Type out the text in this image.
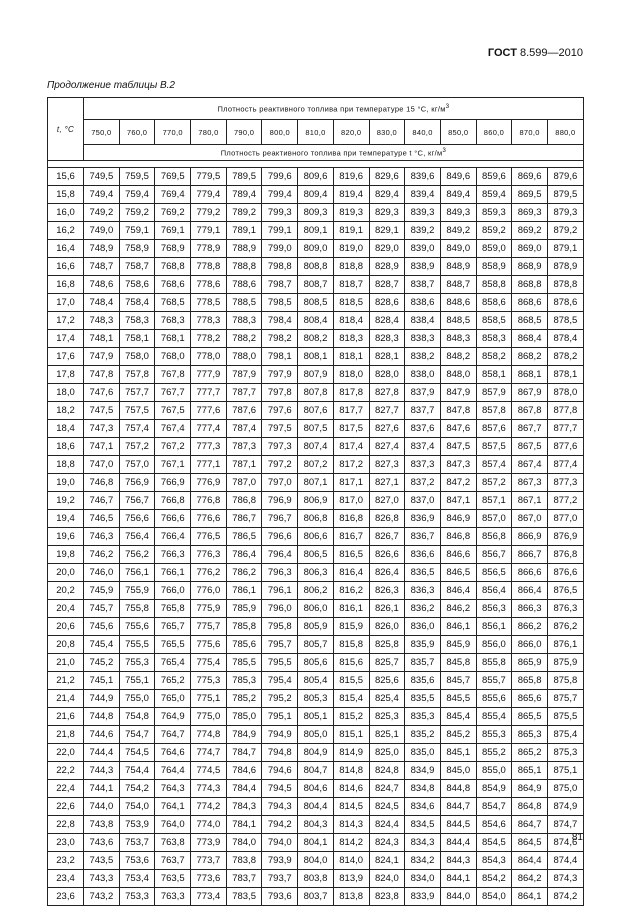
ГОСТ 8.599—2010
Продолжение таблицы В.2
t, °С	Плотность реактивного топлива при температуре 15 °С, $кг/м^3$
	750,0	760,0	770,0	780,0	790,0	800,0	810,0	820,0	830,0	840,0	850,0	860,0	870,0	880,0
	Плотность реактивного топлива при температуре t °С, $кг/м^3$

15,6	749,5	759,5	769,5	779,5	789,5	799,6	809,6	819,6	829,6	839,6	849,6	859,6	869,6	879,6
15,8	749,4	759,4	769,4	779,4	789,4	799,4	809,4	819,4	829,4	839,4	849,4	859,4	869,5	879,5
16,0	749,2	759,2	769,2	779,2	789,2	799,3	809,3	819,3	829,3	839,3	849,3	859,3	869,3	879,3
16,2	749,0	759,1	769,1	779,1	789,1	799,1	809,1	819,1	829,1	839,2	849,2	859,2	869,2	879,2
16,4	748,9	758,9	768,9	778,9	788,9	799,0	809,0	819,0	829,0	839,0	849,0	859,0	869,0	879,1
16,6	748,7	758,7	768,8	778,8	788,8	798,8	808,8	818,8	828,9	838,9	848,9	858,9	868,9	878,9
16,8	748,6	758,6	768,6	778,6	788,6	798,7	808,7	818,7	828,7	838,7	848,7	858,8	868,8	878,8
17,0	748,4	758,4	768,5	778,5	788,5	798,5	808,5	818,5	828,6	838,6	848,6	858,6	868,6	878,6
17,2	748,3	758,3	768,3	778,3	788,3	798,4	808,4	818,4	828,4	838,4	848,5	858,5	868,5	878,5
17,4	748,1	758,1	768,1	778,2	788,2	798,2	808,2	818,3	828,3	838,3	848,3	858,3	868,4	878,4
17,6	747,9	758,0	768,0	778,0	788,0	798,1	808,1	818,1	828,1	838,2	848,2	858,2	868,2	878,2
17,8	747,8	757,8	767,8	777,9	787,9	797,9	807,9	818,0	828,0	838,0	848,0	858,1	868,1	878,1
18,0	747,6	757,7	767,7	777,7	787,7	797,8	807,8	817,8	827,8	837,9	847,9	857,9	867,9	878,0
18,2	747,5	757,5	767,5	777,6	787,6	797,6	807,6	817,7	827,7	837,7	847,8	857,8	867,8	877,8
18,4	747,3	757,4	767,4	777,4	787,4	797,5	807,5	817,5	827,6	837,6	847,6	857,6	867,7	877,7
18,6	747,1	757,2	767,2	777,3	787,3	797,3	807,4	817,4	827,4	837,4	847,5	857,5	867,5	877,6
18,8	747,0	757,0	767,1	777,1	787,1	797,2	807,2	817,2	827,3	837,3	847,3	857,4	867,4	877,4
19,0	746,8	756,9	766,9	776,9	787,0	797,0	807,1	817,1	827,1	837,2	847,2	857,2	867,3	877,3
19,2	746,7	756,7	766,8	776,8	786,8	796,9	806,9	817,0	827,0	837,0	847,1	857,1	867,1	877,2
19,4	746,5	756,6	766,6	776,6	786,7	796,7	806,8	816,8	826,8	836,9	846,9	857,0	867,0	877,0
19,6	746,3	756,4	766,4	776,5	786,5	796,6	806,6	816,7	826,7	836,7	846,8	856,8	866,9	876,9
19,8	746,2	756,2	766,3	776,3	786,4	796,4	806,5	816,5	826,6	836,6	846,6	856,7	866,7	876,8
20,0	746,0	756,1	766,1	776,2	786,2	796,3	806,3	816,4	826,4	836,5	846,5	856,5	866,6	876,6
20,2	745,9	755,9	766,0	776,0	786,1	796,1	806,2	816,2	826,3	836,3	846,4	856,4	866,4	876,5
20,4	745,7	755,8	765,8	775,9	785,9	796,0	806,0	816,1	826,1	836,2	846,2	856,3	866,3	876,3
20,6	745,6	755,6	765,7	775,7	785,8	795,8	805,9	815,9	826,0	836,0	846,1	856,1	866,2	876,2
20,8	745,4	755,5	765,5	775,6	785,6	795,7	805,7	815,8	825,8	835,9	845,9	856,0	866,0	876,1
21,0	745,2	755,3	765,4	775,4	785,5	795,5	805,6	815,6	825,7	835,7	845,8	855,8	865,9	875,9
21,2	745,1	755,1	765,2	775,3	785,3	795,4	805,4	815,5	825,6	835,6	845,7	855,7	865,8	875,8
21,4	744,9	755,0	765,0	775,1	785,2	795,2	805,3	815,4	825,4	835,5	845,5	855,6	865,6	875,7
21,6	744,8	754,8	764,9	775,0	785,0	795,1	805,1	815,2	825,3	835,3	845,4	855,4	865,5	875,5
21,8	744,6	754,7	764,7	774,8	784,9	794,9	805,0	815,1	825,1	835,2	845,2	855,3	865,3	875,4
22,0	744,4	754,5	764,6	774,7	784,7	794,8	804,9	814,9	825,0	835,0	845,1	855,2	865,2	875,3
22,2	744,3	754,4	764,4	774,5	784,6	794,6	804,7	814,8	824,8	834,9	845,0	855,0	865,1	875,1
22,4	744,1	754,2	764,3	774,3	784,4	794,5	804,6	814,6	824,7	834,8	844,8	854,9	864,9	875,0
22,6	744,0	754,0	764,1	774,2	784,3	794,3	804,4	814,5	824,5	834,6	844,7	854,7	864,8	874,9
22,8	743,8	753,9	764,0	774,0	784,1	794,2	804,3	814,3	824,4	834,5	844,5	854,6	864,7	874,7
23,0	743,6	753,7	763,8	773,9	784,0	794,0	804,1	814,2	824,3	834,3	844,4	854,5	864,5	874,6
23,2	743,5	753,6	763,7	773,7	783,8	793,9	804,0	814,0	824,1	834,2	844,3	854,3	864,4	874,4
23,4	743,3	753,4	763,5	773,6	783,7	793,7	803,8	813,9	824,0	834,0	844,1	854,2	864,2	874,3
23,6	743,2	753,3	763,3	773,4	783,5	793,6	803,7	813,8	823,8	833,9	844,0	854,0	864,1	874,2
81
